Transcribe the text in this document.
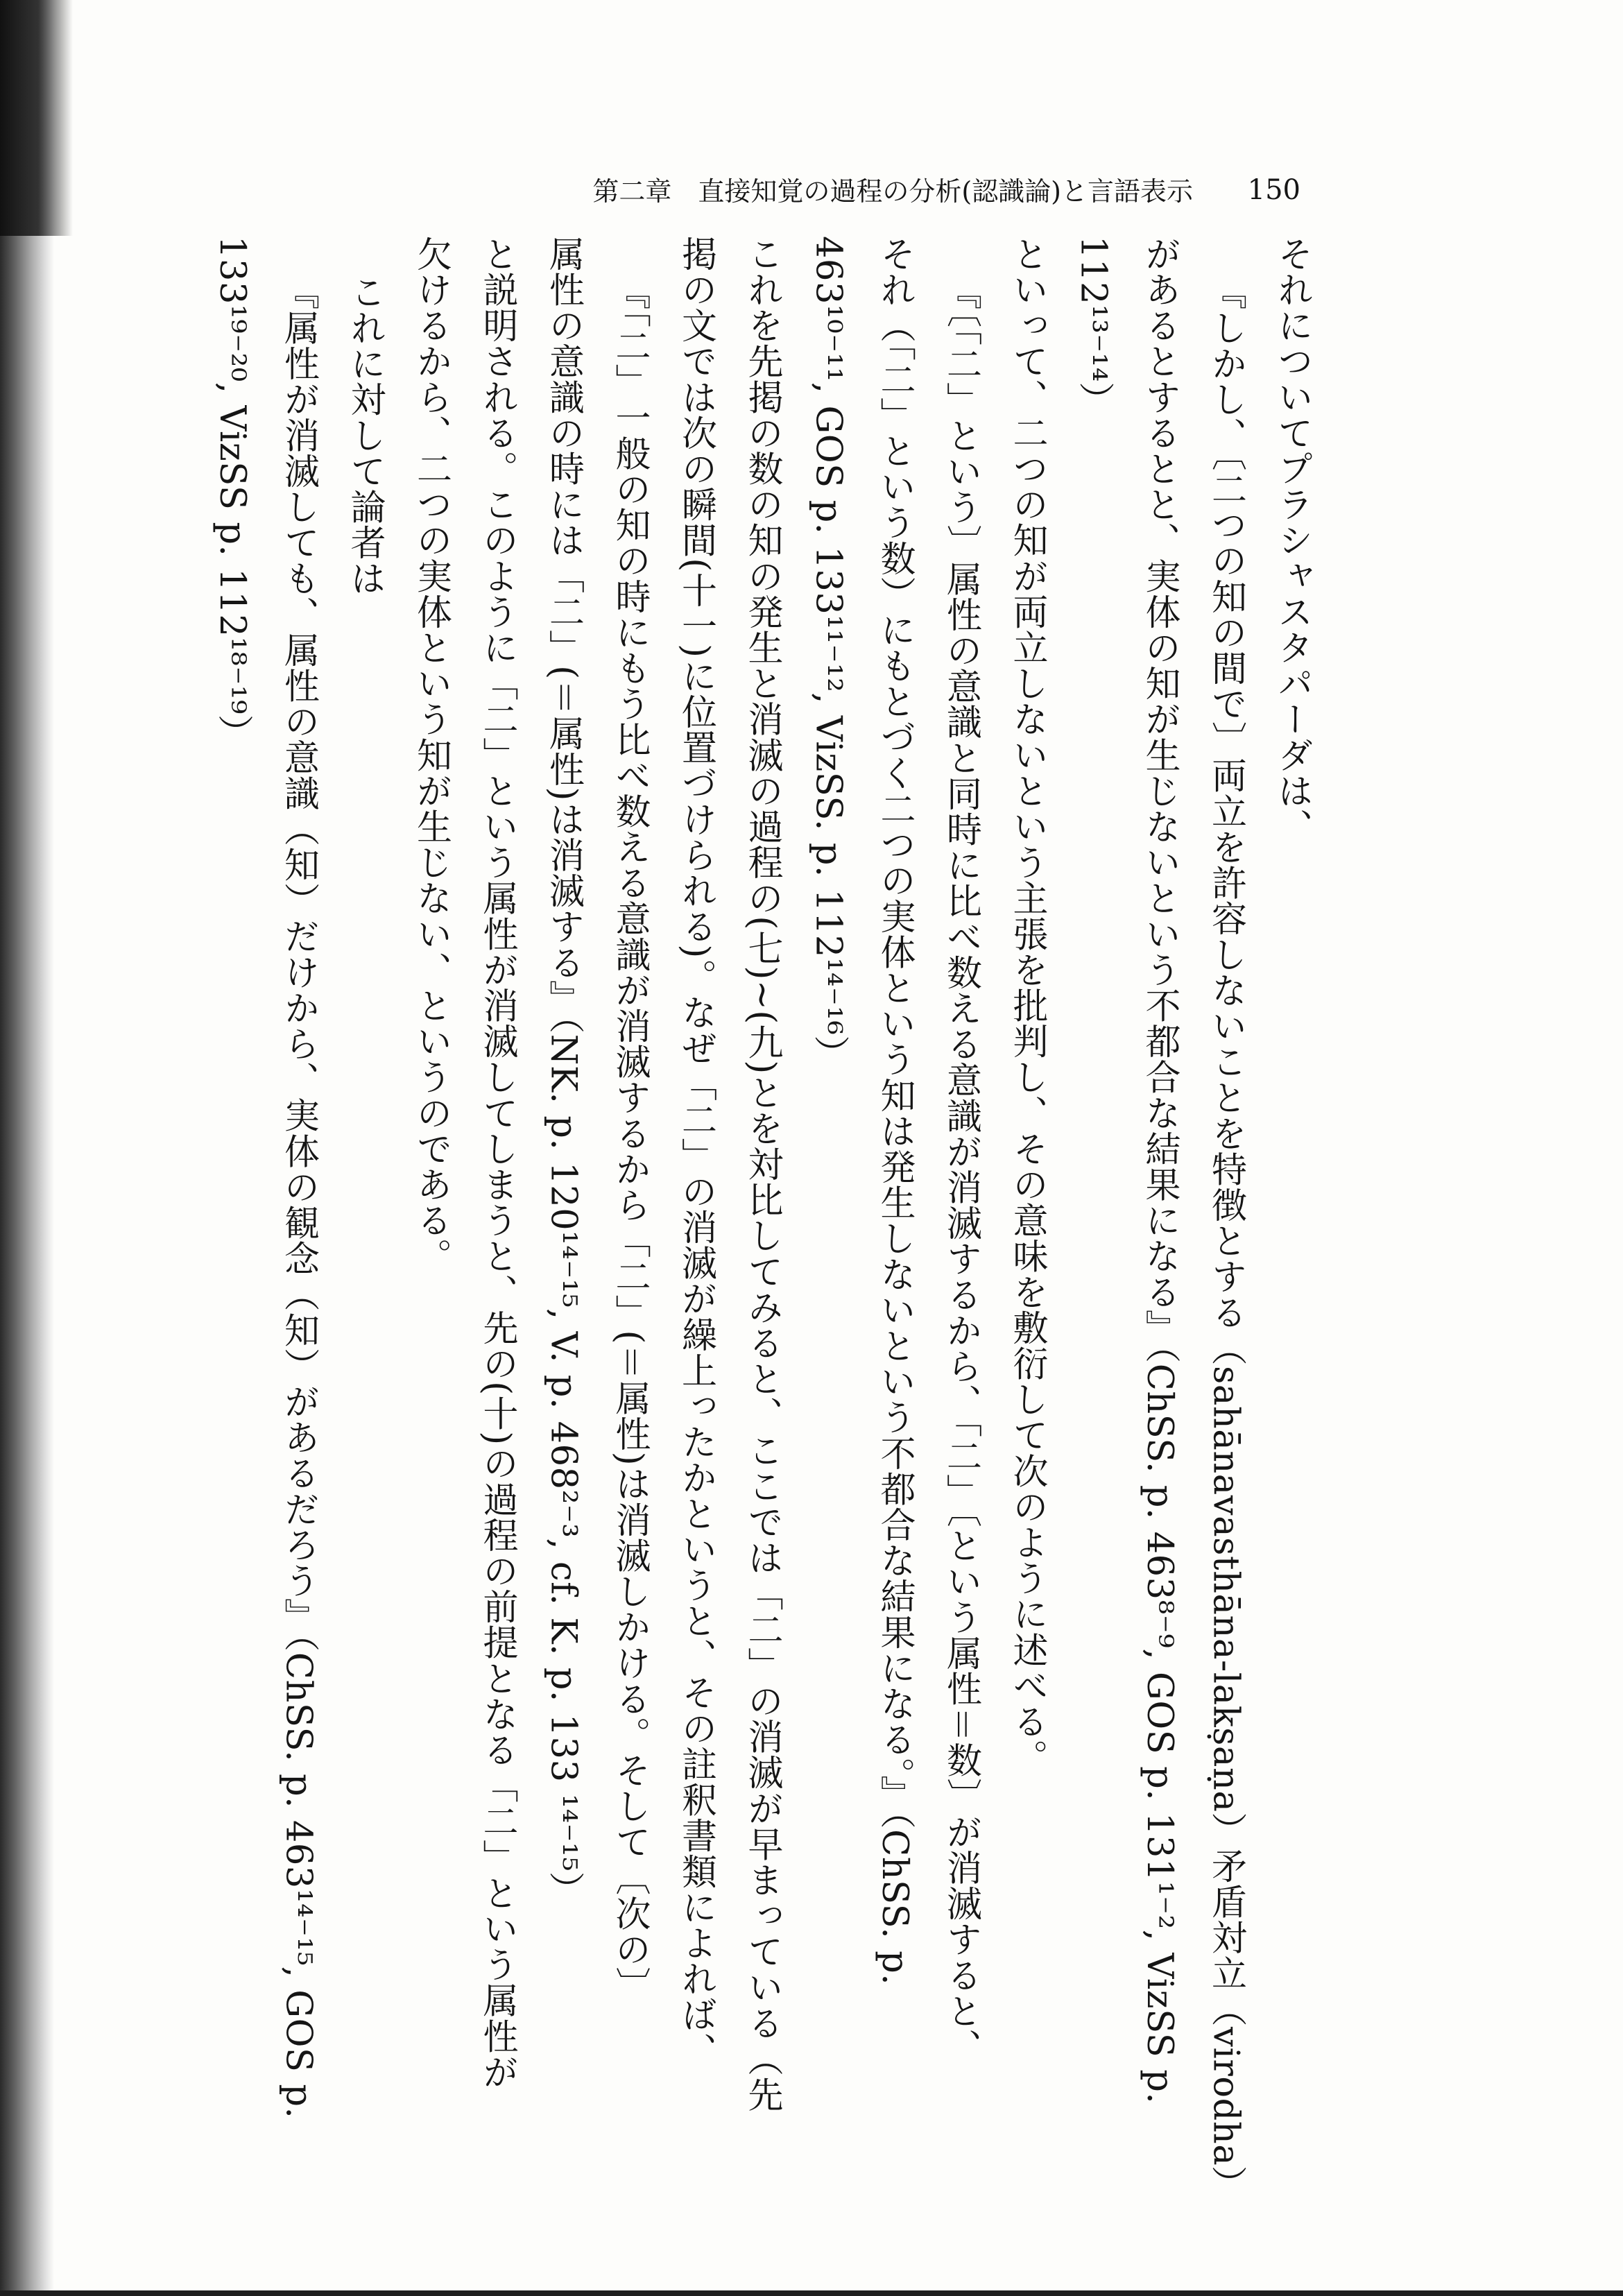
第二章　直接知覚の過程の分析(認識論)と言語表示	150
それについてプラシャスタパーダは、
『しかし、〔二つの知の間で〕両立を許容しないことを特徴とする（sahānavasthāna-lakṣaṇa）矛盾対立（virodha）
があるとするとと、実体の知が生じないという不都合な結果になる』（ChSS. p. 463⁸⁻⁹, GOS p. 131¹⁻², VizSS p.
112¹³⁻¹⁴）
といって、二つの知が両立しないという主張を批判し、その意味を敷衍して次のように述べる。
『〔「二」という〕属性の意識と同時に比べ数える意識が消滅するから、「二」〔という属性＝数〕が消滅すると、
それ（「二」という数）にもとづく二つの実体という知は発生しないという不都合な結果になる。』（ChSS. p.
463¹⁰⁻¹¹, GOS p. 133¹¹⁻¹², VizSS. p. 112¹⁴⁻¹⁶）
これを先掲の数の知の発生と消滅の過程の(七)~(九)とを対比してみると、ここでは「二」の消滅が早まっている（先
掲の文では次の瞬間(十一)に位置づけられる)。なぜ「二」の消滅が繰上ったかというと、その註釈書類によれば、
『「二」一般の知の時にもう比べ数える意識が消滅するから「二」(＝属性)は消滅しかける。そして〔次の〕
属性の意識の時には「二」(＝属性)は消滅する』（NK. p. 120¹⁴⁻¹⁵, V. p. 468²⁻³, cf. K. p. 133 ¹⁴⁻¹⁵）
と説明される。このように「二」という属性が消滅してしまうと、先の(十)の過程の前提となる「二」という属性が
欠けるから、二つの実体という知が生じない、というのである。
これに対して論者は
『属性が消滅しても、属性の意識（知）だけから、実体の観念（知）があるだろう』（ChSS. p. 463¹⁴⁻¹⁵, GOS p.
133¹⁹⁻²⁰, VizSS p. 112¹⁸⁻¹⁹）
